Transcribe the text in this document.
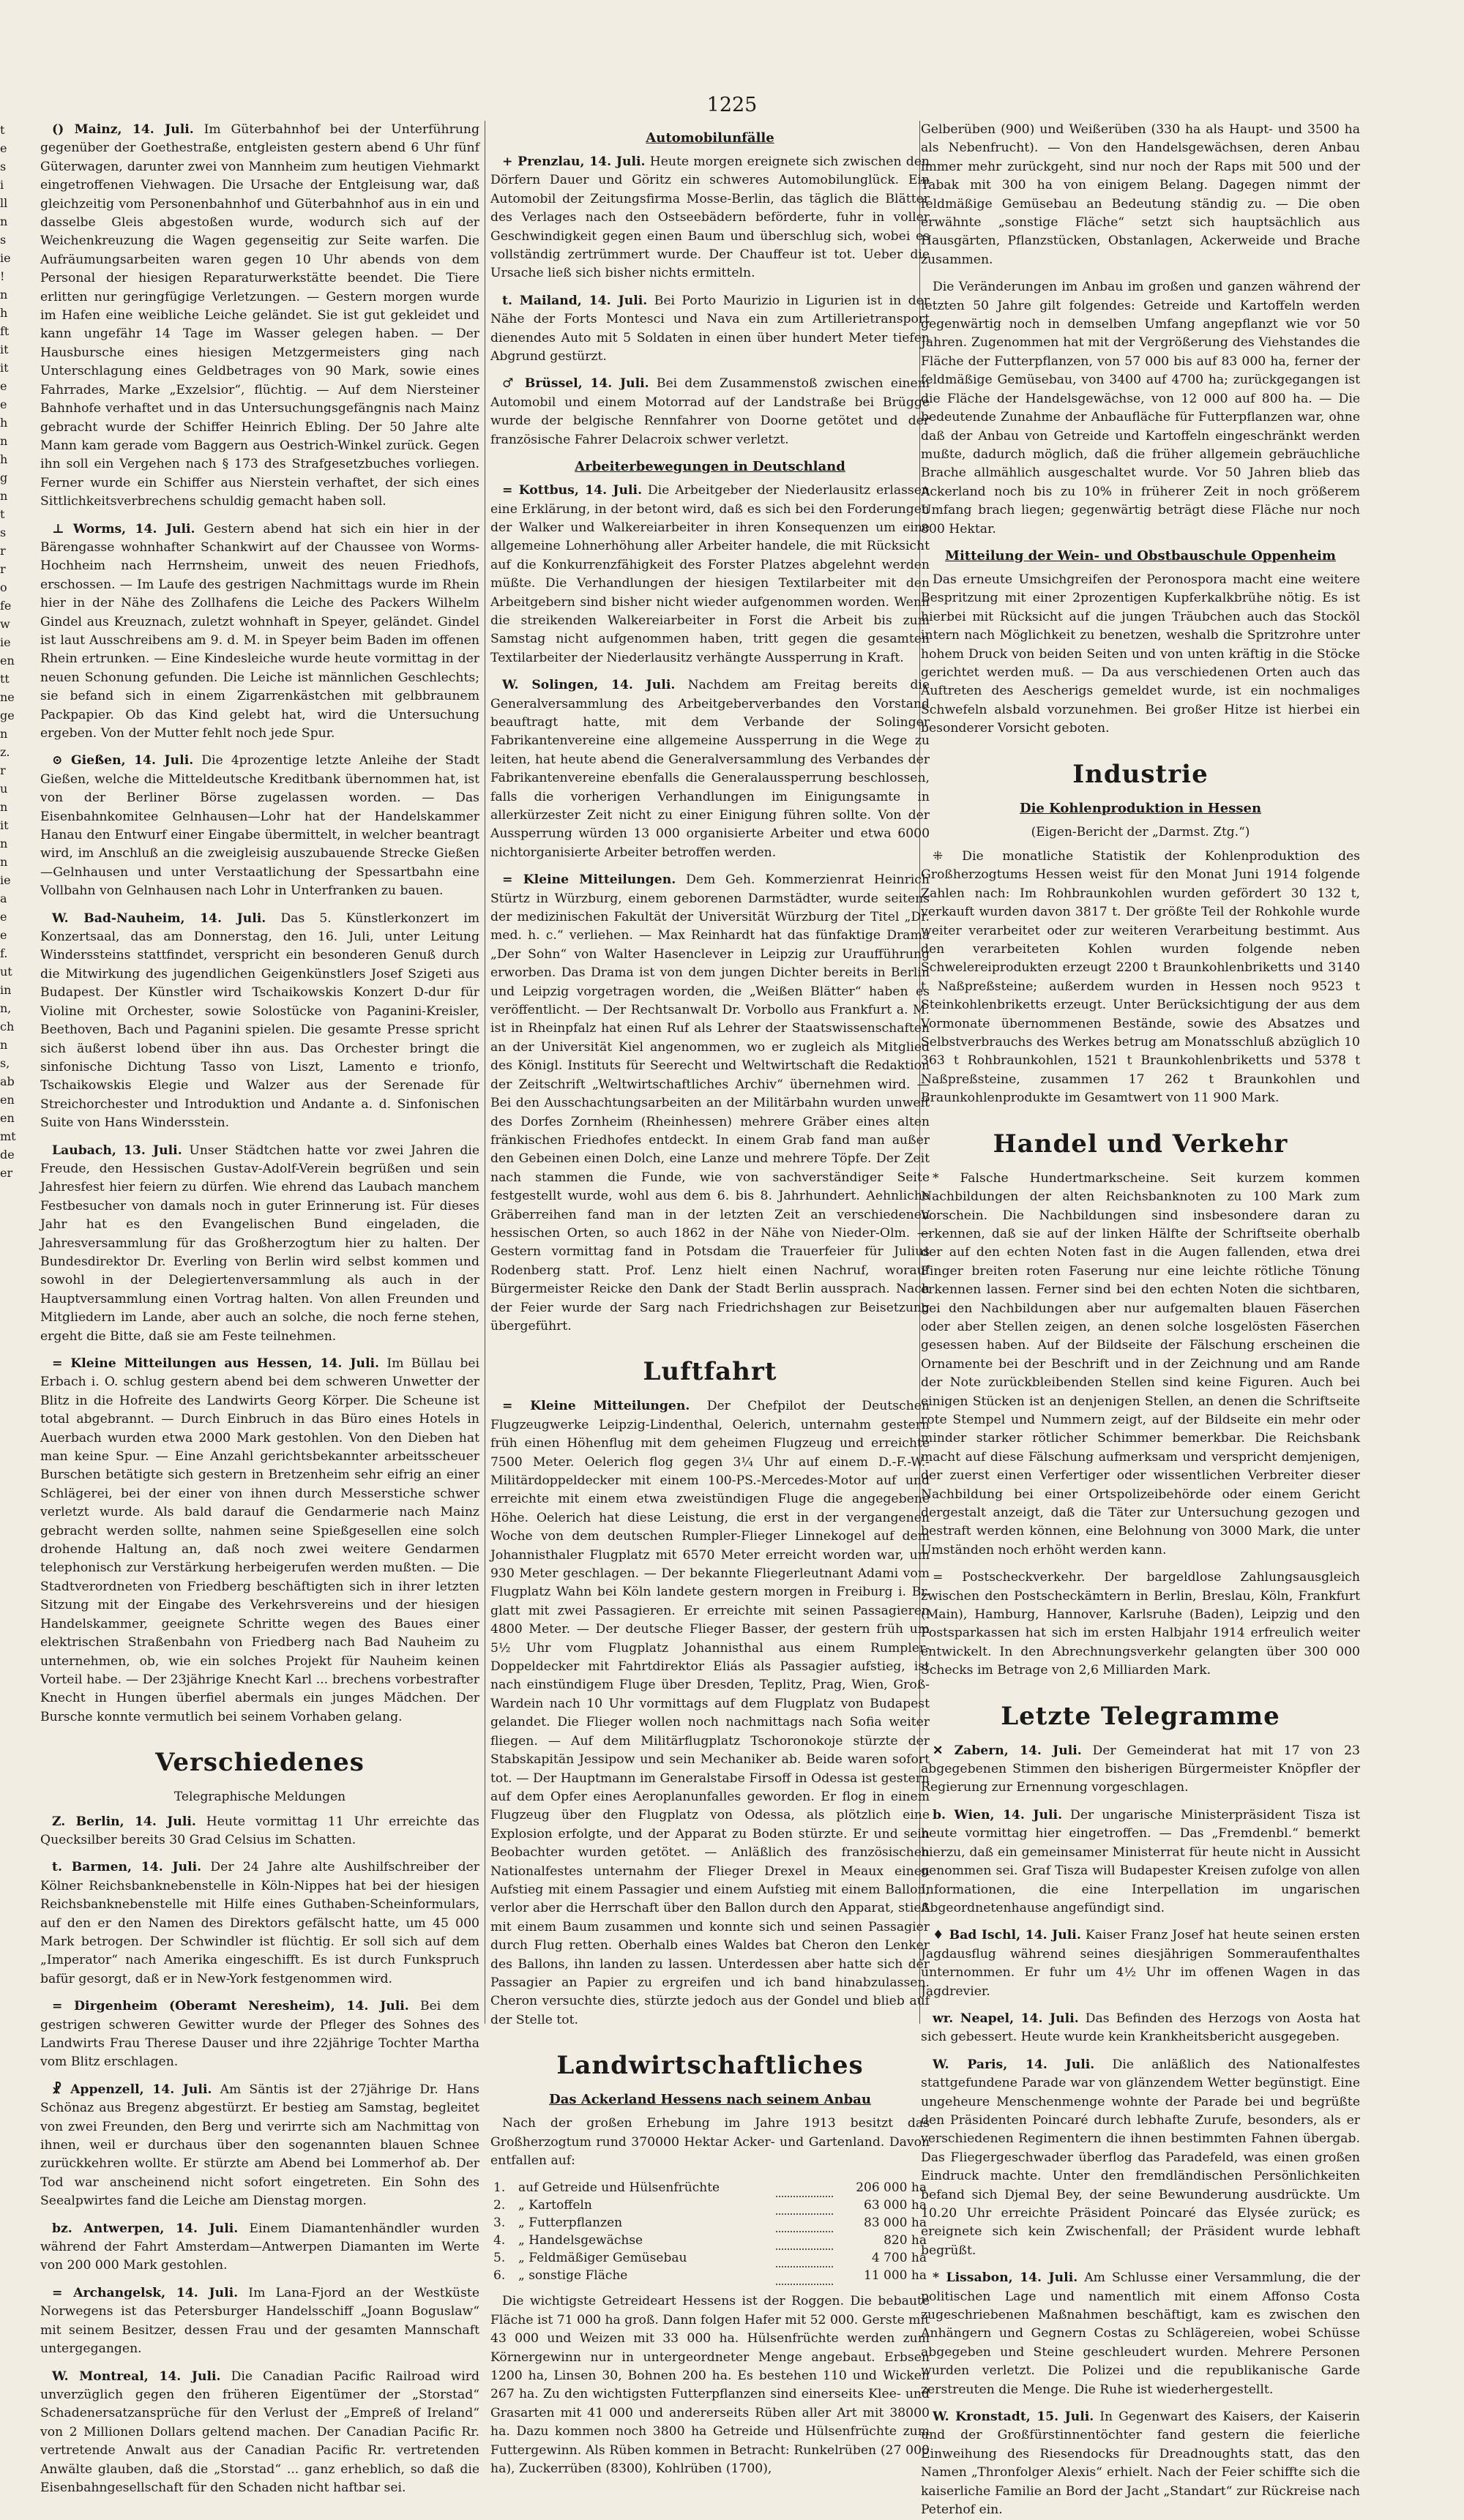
1225
t
e
s
i
ll
n
s
ie
!
n
h
ft
it
it
e
e
h
n
h
g
n
t
s
r
r
o
fe
w
ie
en
tt
ne
ge
n
z.
r
u
n
it
n
n
ie
a
e
e
f.
ut
in
n,
ch
n
s,
ab
en
en
mt
de
er

() Mainz, 14. Juli. Im Güterbahnhof bei der Unterführung gegenüber der Goethestraße, entgleisten gestern abend 6 Uhr fünf Güterwagen, darunter zwei von Mannheim zum heutigen Viehmarkt eingetroffenen Viehwagen. Die Ursache der Entgleisung war, daß gleichzeitig vom Personenbahnhof und Güterbahnhof aus in ein und dasselbe Gleis abgestoßen wurde, wodurch sich auf der Weichenkreuzung die Wagen gegenseitig zur Seite warfen. Die Aufräumungsarbeiten waren gegen 10 Uhr abends von dem Personal der hiesigen Reparaturwerkstätte beendet. Die Tiere erlitten nur geringfügige Verletzungen. — Gestern morgen wurde im Hafen eine weibliche Leiche geländet. Sie ist gut gekleidet und kann ungefähr 14 Tage im Wasser gelegen haben. — Der Hausbursche eines hiesigen Metzgermeisters ging nach Unterschlagung eines Geldbetrages von 90 Mark, sowie eines Fahrrades, Marke „Exzelsior“, flüchtig. — Auf dem Niersteiner Bahnhofe verhaftet und in das Untersuchungsgefängnis nach Mainz gebracht wurde der Schiffer Heinrich Ebling. Der 50 Jahre alte Mann kam gerade vom Baggern aus Oestrich-Winkel zurück. Gegen ihn soll ein Vergehen nach § 173 des Strafgesetzbuches vorliegen. Ferner wurde ein Schiffer aus Nierstein verhaftet, der sich eines Sittlichkeitsverbrechens schuldig gemacht haben soll.

⊥ Worms, 14. Juli. Gestern abend hat sich ein hier in der Bärengasse wohnhafter Schankwirt auf der Chaussee von Worms-Hochheim nach Herrnsheim, unweit des neuen Friedhofs, erschossen. — Im Laufe des gestrigen Nachmittags wurde im Rhein hier in der Nähe des Zollhafens die Leiche des Packers Wilhelm Gindel aus Kreuznach, zuletzt wohnhaft in Speyer, geländet. Gindel ist laut Ausschreibens am 9. d. M. in Speyer beim Baden im offenen Rhein ertrunken. — Eine Kindesleiche wurde heute vormittag in der neuen Schonung gefunden. Die Leiche ist männlichen Geschlechts; sie befand sich in einem Zigarrenkästchen mit gelbbraunem Packpapier. Ob das Kind gelebt hat, wird die Untersuchung ergeben. Von der Mutter fehlt noch jede Spur.

⊙ Gießen, 14. Juli. Die 4prozentige letzte Anleihe der Stadt Gießen, welche die Mitteldeutsche Kreditbank übernommen hat, ist von der Berliner Börse zugelassen worden. — Das Eisenbahnkomitee Gelnhausen—Lohr hat der Handelskammer Hanau den Entwurf einer Eingabe übermittelt, in welcher beantragt wird, im Anschluß an die zweigleisig auszubauende Strecke Gießen—Gelnhausen und unter Verstaatlichung der Spessartbahn eine Vollbahn von Gelnhausen nach Lohr in Unterfranken zu bauen.

W. Bad-Nauheim, 14. Juli. Das 5. Künstlerkonzert im Konzertsaal, das am Donnerstag, den 16. Juli, unter Leitung Winderssteins stattfindet, verspricht ein besonderen Genuß durch die Mitwirkung des jugendlichen Geigenkünstlers Josef Szigeti aus Budapest. Der Künstler wird Tschaikowskis Konzert D-dur für Violine mit Orchester, sowie Solostücke von Paganini-Kreisler, Beethoven, Bach und Paganini spielen. Die gesamte Presse spricht sich äußerst lobend über ihn aus. Das Orchester bringt die sinfonische Dichtung Tasso von Liszt, Lamento e trionfo, Tschaikowskis Elegie und Walzer aus der Serenade für Streichorchester und Introduktion und Andante a. d. Sinfonischen Suite von Hans Windersstein.

Laubach, 13. Juli. Unser Städtchen hatte vor zwei Jahren die Freude, den Hessischen Gustav-Adolf-Verein begrüßen und sein Jahresfest hier feiern zu dürfen. Wie ehrend das Laubach manchem Festbesucher von damals noch in guter Erinnerung ist. Für dieses Jahr hat es den Evangelischen Bund eingeladen, die Jahresversammlung für das Großherzogtum hier zu halten. Der Bundesdirektor Dr. Everling von Berlin wird selbst kommen und sowohl in der Delegiertenversammlung als auch in der Hauptversammlung einen Vortrag halten. Von allen Freunden und Mitgliedern im Lande, aber auch an solche, die noch ferne stehen, ergeht die Bitte, daß sie am Feste teilnehmen.

= Kleine Mitteilungen aus Hessen, 14. Juli. Im Büllau bei Erbach i. O. schlug gestern abend bei dem schweren Unwetter der Blitz in die Hofreite des Landwirts Georg Körper. Die Scheune ist total abgebrannt. — Durch Einbruch in das Büro eines Hotels in Auerbach wurden etwa 2000 Mark gestohlen. Von den Dieben hat man keine Spur. — Eine Anzahl gerichtsbekannter arbeitsscheuer Burschen betätigte sich gestern in Bretzenheim sehr eifrig an einer Schlägerei, bei der einer von ihnen durch Messerstiche schwer verletzt wurde. Als bald darauf die Gendarmerie nach Mainz gebracht werden sollte, nahmen seine Spießgesellen eine solch drohende Haltung an, daß noch zwei weitere Gendarmen telephonisch zur Verstärkung herbeigerufen werden mußten. — Die Stadtverordneten von Friedberg beschäftigten sich in ihrer letzten Sitzung mit der Eingabe des Verkehrsvereins und der hiesigen Handelskammer, geeignete Schritte wegen des Baues einer elektrischen Straßenbahn von Friedberg nach Bad Nauheim zu unternehmen, ob, wie ein solches Projekt für Nauheim keinen Vorteil habe. — Der 23jährige Knecht Karl ... brechens vorbestrafter Knecht in Hungen überfiel abermals ein junges Mädchen. Der Bursche konnte vermutlich bei seinem Vorhaben gelang.

Verschiedenes
Telegraphische Meldungen

Z. Berlin, 14. Juli. Heute vormittag 11 Uhr erreichte das Quecksilber bereits 30 Grad Celsius im Schatten.

t. Barmen, 14. Juli. Der 24 Jahre alte Aushilfschreiber der Kölner Reichsbanknebenstelle in Köln-Nippes hat bei der hiesigen Reichsbanknebenstelle mit Hilfe eines Guthaben-Scheinformulars, auf den er den Namen des Direktors gefälscht hatte, um 45 000 Mark betrogen. Der Schwindler ist flüchtig. Er soll sich auf dem „Imperator“ nach Amerika eingeschifft. Es ist durch Funkspruch bafür gesorgt, daß er in New-York festgenommen wird.

= Dirgenheim (Oberamt Neresheim), 14. Juli. Bei dem gestrigen schweren Gewitter wurde der Pfleger des Sohnes des Landwirts Frau Therese Dauser und ihre 22jährige Tochter Martha vom Blitz erschlagen.

☧ Appenzell, 14. Juli. Am Säntis ist der 27jährige Dr. Hans Schönaz aus Bregenz abgestürzt. Er bestieg am Samstag, begleitet von zwei Freunden, den Berg und verirrte sich am Nachmittag von ihnen, weil er durchaus über den sogenannten blauen Schnee zurückkehren wollte. Er stürzte am Abend bei Lommerhof ab. Der Tod war anscheinend nicht sofort eingetreten. Ein Sohn des Seealpwirtes fand die Leiche am Dienstag morgen.

bz. Antwerpen, 14. Juli. Einem Diamantenhändler wurden während der Fahrt Amsterdam—Antwerpen Diamanten im Werte von 200 000 Mark gestohlen.

= Archangelsk, 14. Juli. Im Lana-Fjord an der Westküste Norwegens ist das Petersburger Handelsschiff „Joann Boguslaw“ mit seinem Besitzer, dessen Frau und der gesamten Mannschaft untergegangen.

W. Montreal, 14. Juli. Die Canadian Pacific Railroad wird unverzüglich gegen den früheren Eigentümer der „Storstad“ Schadenersatzansprüche für den Verlust der „Empreß of Ireland“ von 2 Millionen Dollars geltend machen. Der Canadian Pacific Rr. vertretende Anwalt aus der Canadian Pacific Rr. vertretenden Anwälte glauben, daß die „Storstad“ ... ganz erheblich, so daß die Eisenbahngesellschaft für den Schaden nicht haftbar sei.

Automobilunfälle

+ Prenzlau, 14. Juli. Heute morgen ereignete sich zwischen den Dörfern Dauer und Göritz ein schweres Automobilunglück. Ein Automobil der Zeitungsfirma Mosse-Berlin, das täglich die Blätter des Verlages nach den Ostseebädern beförderte, fuhr in voller Geschwindigkeit gegen einen Baum und überschlug sich, wobei es vollständig zertrümmert wurde. Der Chauffeur ist tot. Ueber die Ursache ließ sich bisher nichts ermitteln.

t. Mailand, 14. Juli. Bei Porto Maurizio in Ligurien ist in der Nähe der Forts Montesci und Nava ein zum Artillerietransport dienendes Auto mit 5 Soldaten in einen über hundert Meter tiefen Abgrund gestürzt.

♂ Brüssel, 14. Juli. Bei dem Zusammenstoß zwischen einem Automobil und einem Motorrad auf der Landstraße bei Brügge wurde der belgische Rennfahrer von Doorne getötet und der französische Fahrer Delacroix schwer verletzt.

Arbeiterbewegungen in Deutschland

= Kottbus, 14. Juli. Die Arbeitgeber der Niederlausitz erlassen eine Erklärung, in der betont wird, daß es sich bei den Forderungen der Walker und Walkereiarbeiter in ihren Konsequenzen um eine allgemeine Lohnerhöhung aller Arbeiter handele, die mit Rücksicht auf die Konkurrenzfähigkeit des Forster Platzes abgelehnt werden müßte. Die Verhandlungen der hiesigen Textilarbeiter mit den Arbeitgebern sind bisher nicht wieder aufgenommen worden. Wenn die streikenden Walkereiarbeiter in Forst die Arbeit bis zum Samstag nicht aufgenommen haben, tritt gegen die gesamten Textilarbeiter der Niederlausitz verhängte Aussperrung in Kraft.

W. Solingen, 14. Juli. Nachdem am Freitag bereits die Generalversammlung des Arbeitgeberverbandes den Vorstand beauftragt hatte, mit dem Verbande der Solinger Fabrikantenvereine eine allgemeine Aussperrung in die Wege zu leiten, hat heute abend die Generalversammlung des Verbandes der Fabrikantenvereine ebenfalls die Generalaussperrung beschlossen, falls die vorherigen Verhandlungen im Einigungsamte in allerkürzester Zeit nicht zu einer Einigung führen sollte. Von der Aussperrung würden 13 000 organisierte Arbeiter und etwa 6000 nichtorganisierte Arbeiter betroffen werden.

= Kleine Mitteilungen. Dem Geh. Kommerzienrat Heinrich Stürtz in Würzburg, einem geborenen Darmstädter, wurde seitens der medizinischen Fakultät der Universität Würzburg der Titel „Dr. med. h. c.“ verliehen. — Max Reinhardt hat das fünfaktige Drama „Der Sohn“ von Walter Hasenclever in Leipzig zur Uraufführung erworben. Das Drama ist von dem jungen Dichter bereits in Berlin und Leipzig vorgetragen worden, die „Weißen Blätter“ haben es veröffentlicht. — Der Rechtsanwalt Dr. Vorbollo aus Frankfurt a. M. ist in Rheinpfalz hat einen Ruf als Lehrer der Staatswissenschaften an der Universität Kiel angenommen, wo er zugleich als Mitglied des Königl. Instituts für Seerecht und Weltwirtschaft die Redaktion der Zeitschrift „Weltwirtschaftliches Archiv“ übernehmen wird. — Bei den Ausschachtungsarbeiten an der Militärbahn wurden unweit des Dorfes Zornheim (Rheinhessen) mehrere Gräber eines alten fränkischen Friedhofes entdeckt. In einem Grab fand man außer den Gebeinen einen Dolch, eine Lanze und mehrere Töpfe. Der Zeit nach stammen die Funde, wie von sachverständiger Seite festgestellt wurde, wohl aus dem 6. bis 8. Jahrhundert. Aehnliche Gräberreihen fand man in der letzten Zeit an verschiedenen hessischen Orten, so auch 1862 in der Nähe von Nieder-Olm. — Gestern vormittag fand in Potsdam die Trauerfeier für Julius Rodenberg statt. Prof. Lenz hielt einen Nachruf, worauf Bürgermeister Reicke den Dank der Stadt Berlin aussprach. Nach der Feier wurde der Sarg nach Friedrichshagen zur Beisetzung übergeführt.

Luftfahrt

= Kleine Mitteilungen. Der Chefpilot der Deutschen Flugzeugwerke Leipzig-Lindenthal, Oelerich, unternahm gestern früh einen Höhenflug mit dem geheimen Flugzeug und erreichte 7500 Meter. Oelerich flog gegen 3¼ Uhr auf einem D.-F.-W.-Militärdoppeldecker mit einem 100-PS.-Mercedes-Motor auf und erreichte mit einem etwa zweistündigen Fluge die angegebene Höhe. Oelerich hat diese Leistung, die erst in der vergangenen Woche von dem deutschen Rumpler-Flieger Linnekogel auf dem Johannisthaler Flugplatz mit 6570 Meter erreicht worden war, um 930 Meter geschlagen. — Der bekannte Fliegerleutnant Adami vom Flugplatz Wahn bei Köln landete gestern morgen in Freiburg i. Br. glatt mit zwei Passagieren. Er erreichte mit seinen Passagieren 4800 Meter. — Der deutsche Flieger Basser, der gestern früh um 5½ Uhr vom Flugplatz Johannisthal aus einem Rumpler-Doppeldecker mit Fahrtdirektor Eliás als Passagier aufstieg, ist nach einstündigem Fluge über Dresden, Teplitz, Prag, Wien, Groß-Wardein nach 10 Uhr vormittags auf dem Flugplatz von Budapest gelandet. Die Flieger wollen noch nachmittags nach Sofia weiter fliegen. — Auf dem Militärflugplatz Tschoronokoje stürzte der Stabskapitän Jessipow und sein Mechaniker ab. Beide waren sofort tot. — Der Hauptmann im Generalstabe Firsoff in Odessa ist gestern auf dem Opfer eines Aeroplanunfalles geworden. Er flog in einem Flugzeug über den Flugplatz von Odessa, als plötzlich eine Explosion erfolgte, und der Apparat zu Boden stürzte. Er und sein Beobachter wurden getötet. — Anläßlich des französischen Nationalfestes unternahm der Flieger Drexel in Meaux einen Aufstieg mit einem Passagier und einem Aufstieg mit einem Ballon, verlor aber die Herrschaft über den Ballon durch den Apparat, stieß mit einem Baum zusammen und konnte sich und seinen Passagier durch Flug retten. Oberhalb eines Waldes bat Cheron den Lenker des Ballons, ihn landen zu lassen. Unterdessen aber hatte sich der Passagier an Papier zu ergreifen und ich band hinabzulassen. Cheron versuchte dies, stürzte jedoch aus der Gondel und blieb auf der Stelle tot.

Landwirtschaftliches
Das Ackerland Hessens nach seinem Anbau

Nach der großen Erhebung im Jahre 1913 besitzt das Großherzogtum rund 370000 Hektar Acker- und Gartenland. Davon entfallen auf:

1.	auf Getreide und Hülsenfrüchte		206 000 ha
2.	„ Kartoffeln		63 000 ha
3.	„ Futterpflanzen		83 000 ha
4.	„ Handelsgewächse		820 ha
5.	„ Feldmäßiger Gemüsebau		4 700 ha
6.	„ sonstige Fläche		11 000 ha

Die wichtigste Getreideart Hessens ist der Roggen. Die bebaute Fläche ist 71 000 ha groß. Dann folgen Hafer mit 52 000. Gerste mit 43 000 und Weizen mit 33 000 ha. Hülsenfrüchte werden zum Körnergewinn nur in untergeordneter Menge angebaut. Erbsen 1200 ha, Linsen 30, Bohnen 200 ha. Es bestehen 110 und Wicken 267 ha. Zu den wichtigsten Futterpflanzen sind einerseits Klee- und Grasarten mit 41 000 und andererseits Rüben aller Art mit 38000 ha. Dazu kommen noch 3800 ha Getreide und Hülsenfrüchte zum Futtergewinn. Als Rüben kommen in Betracht: Runkelrüben (27 000 ha), Zuckerrüben (8300), Kohlrüben (1700),

Gelberüben (900) und Weißerüben (330 ha als Haupt- und 3500 ha als Nebenfrucht). — Von den Handelsgewächsen, deren Anbau immer mehr zurückgeht, sind nur noch der Raps mit 500 und der Tabak mit 300 ha von einigem Belang. Dagegen nimmt der feldmäßige Gemüsebau an Bedeutung ständig zu. — Die oben erwähnte „sonstige Fläche“ setzt sich hauptsächlich aus Hausgärten, Pflanzstücken, Obstanlagen, Ackerweide und Brache zusammen.

Die Veränderungen im Anbau im großen und ganzen während der letzten 50 Jahre gilt folgendes: Getreide und Kartoffeln werden gegenwärtig noch in demselben Umfang angepflanzt wie vor 50 Jahren. Zugenommen hat mit der Vergrößerung des Viehstandes die Fläche der Futterpflanzen, von 57 000 bis auf 83 000 ha, ferner der feldmäßige Gemüsebau, von 3400 auf 4700 ha; zurückgegangen ist die Fläche der Handelsgewächse, von 12 000 auf 800 ha. — Die bedeutende Zunahme der Anbaufläche für Futterpflanzen war, ohne daß der Anbau von Getreide und Kartoffeln eingeschränkt werden mußte, dadurch möglich, daß die früher allgemein gebräuchliche Brache allmählich ausgeschaltet wurde. Vor 50 Jahren blieb das Ackerland noch bis zu 10% in früherer Zeit in noch größerem Umfang brach liegen; gegenwärtig beträgt diese Fläche nur noch 800 Hektar.

Mitteilung der Wein- und Obstbauschule Oppenheim

Das erneute Umsichgreifen der Peronospora macht eine weitere Bespritzung mit einer 2prozentigen Kupferkalkbrühe nötig. Es ist hierbei mit Rücksicht auf die jungen Träubchen auch das Stocköl intern nach Möglichkeit zu benetzen, weshalb die Spritzrohre unter hohem Druck von beiden Seiten und von unten kräftig in die Stöcke gerichtet werden muß. — Da aus verschiedenen Orten auch das Auftreten des Aescherigs gemeldet wurde, ist ein nochmaliges Schwefeln alsbald vorzunehmen. Bei großer Hitze ist hierbei ein besonderer Vorsicht geboten.

Industrie
Die Kohlenproduktion in Hessen
(Eigen-Bericht der „Darmst. Ztg.“)

⁜ Die monatliche Statistik der Kohlenproduktion des Großherzogtums Hessen weist für den Monat Juni 1914 folgende Zahlen nach: Im Rohbraunkohlen wurden gefördert 30 132 t, verkauft wurden davon 3817 t. Der größte Teil der Rohkohle wurde weiter verarbeitet oder zur weiteren Verarbeitung bestimmt. Aus den verarbeiteten Kohlen wurden folgende neben Schwelereiprodukten erzeugt 2200 t Braunkohlenbriketts und 3140 t Naßpreßsteine; außerdem wurden in Hessen noch 9523 t Steinkohlenbriketts erzeugt. Unter Berücksichtigung der aus dem Vormonate übernommenen Bestände, sowie des Absatzes und Selbstverbrauchs des Werkes betrug am Monatsschluß abzüglich 10 363 t Rohbraunkohlen, 1521 t Braunkohlenbriketts und 5378 t Naßpreßsteine, zusammen 17 262 t Braunkohlen und Braunkohlenprodukte im Gesamtwert von 11 900 Mark.

Handel und Verkehr

* Falsche Hundertmarkscheine. Seit kurzem kommen Nachbildungen der alten Reichsbanknoten zu 100 Mark zum Vorschein. Die Nachbildungen sind insbesondere daran zu erkennen, daß sie auf der linken Hälfte der Schriftseite oberhalb der auf den echten Noten fast in die Augen fallenden, etwa drei Finger breiten roten Faserung nur eine leichte rötliche Tönung erkennen lassen. Ferner sind bei den echten Noten die sichtbaren, bei den Nachbildungen aber nur aufgemalten blauen Fäserchen oder aber Stellen zeigen, an denen solche losgelösten Fäserchen gesessen haben. Auf der Bildseite der Fälschung erscheinen die Ornamente bei der Beschrift und in der Zeichnung und am Rande der Note zurückbleibenden Stellen sind keine Figuren. Auch bei einigen Stücken ist an denjenigen Stellen, an denen die Schriftseite rote Stempel und Nummern zeigt, auf der Bildseite ein mehr oder minder starker rötlicher Schimmer bemerkbar. Die Reichsbank macht auf diese Fälschung aufmerksam und verspricht demjenigen, der zuerst einen Verfertiger oder wissentlichen Verbreiter dieser Nachbildung bei einer Ortspolizeibehörde oder einem Gericht dergestalt anzeigt, daß die Täter zur Untersuchung gezogen und bestraft werden können, eine Belohnung von 3000 Mark, die unter Umständen noch erhöht werden kann.

= Postscheckverkehr. Der bargeldlose Zahlungsausgleich zwischen den Postscheckämtern in Berlin, Breslau, Köln, Frankfurt (Main), Hamburg, Hannover, Karlsruhe (Baden), Leipzig und den Postsparkassen hat sich im ersten Halbjahr 1914 erfreulich weiter entwickelt. In den Abrechnungsverkehr gelangten über 300 000 Schecks im Betrage von 2,6 Milliarden Mark.

Letzte Telegramme

✕ Zabern, 14. Juli. Der Gemeinderat hat mit 17 von 23 abgegebenen Stimmen den bisherigen Bürgermeister Knöpfler der Regierung zur Ernennung vorgeschlagen.

b. Wien, 14. Juli. Der ungarische Ministerpräsident Tisza ist heute vormittag hier eingetroffen. — Das „Fremdenbl.“ bemerkt hierzu, daß ein gemeinsamer Ministerrat für heute nicht in Aussicht genommen sei. Graf Tisza will Budapester Kreisen zufolge von allen Informationen, die eine Interpellation im ungarischen Abgeordnetenhause angefündigt sind.

♦ Bad Ischl, 14. Juli. Kaiser Franz Josef hat heute seinen ersten Jagdausflug während seines diesjährigen Sommeraufenthaltes unternommen. Er fuhr um 4½ Uhr im offenen Wagen in das Jagdrevier.

wr. Neapel, 14. Juli. Das Befinden des Herzogs von Aosta hat sich gebessert. Heute wurde kein Krankheitsbericht ausgegeben.

W. Paris, 14. Juli. Die anläßlich des Nationalfestes stattgefundene Parade war von glänzendem Wetter begünstigt. Eine ungeheure Menschenmenge wohnte der Parade bei und begrüßte den Präsidenten Poincaré durch lebhafte Zurufe, besonders, als er verschiedenen Regimentern die ihnen bestimmten Fahnen übergab. Das Fliegergeschwader überflog das Paradefeld, was einen großen Eindruck machte. Unter den fremdländischen Persönlichkeiten befand sich Djemal Bey, der seine Bewunderung ausdrückte. Um 10.20 Uhr erreichte Präsident Poincaré das Elysée zurück; es ereignete sich kein Zwischenfall; der Präsident wurde lebhaft begrüßt.

* Lissabon, 14. Juli. Am Schlusse einer Versammlung, die der politischen Lage und namentlich mit einem Affonso Costa zugeschriebenen Maßnahmen beschäftigt, kam es zwischen den Anhängern und Gegnern Costas zu Schlägereien, wobei Schüsse abgegeben und Steine geschleudert wurden. Mehrere Personen wurden verletzt. Die Polizei und die republikanische Garde zerstreuten die Menge. Die Ruhe ist wiederhergestellt.

W. Kronstadt, 15. Juli. In Gegenwart des Kaisers, der Kaiserin und der Großfürstinnentöchter fand gestern die feierliche Einweihung des Riesendocks für Dreadnoughts statt, das den Namen „Thronfolger Alexis“ erhielt. Nach der Feier schiffte sich die kaiserliche Familie an Bord der Jacht „Standart“ zur Rückreise nach Peterhof ein.
